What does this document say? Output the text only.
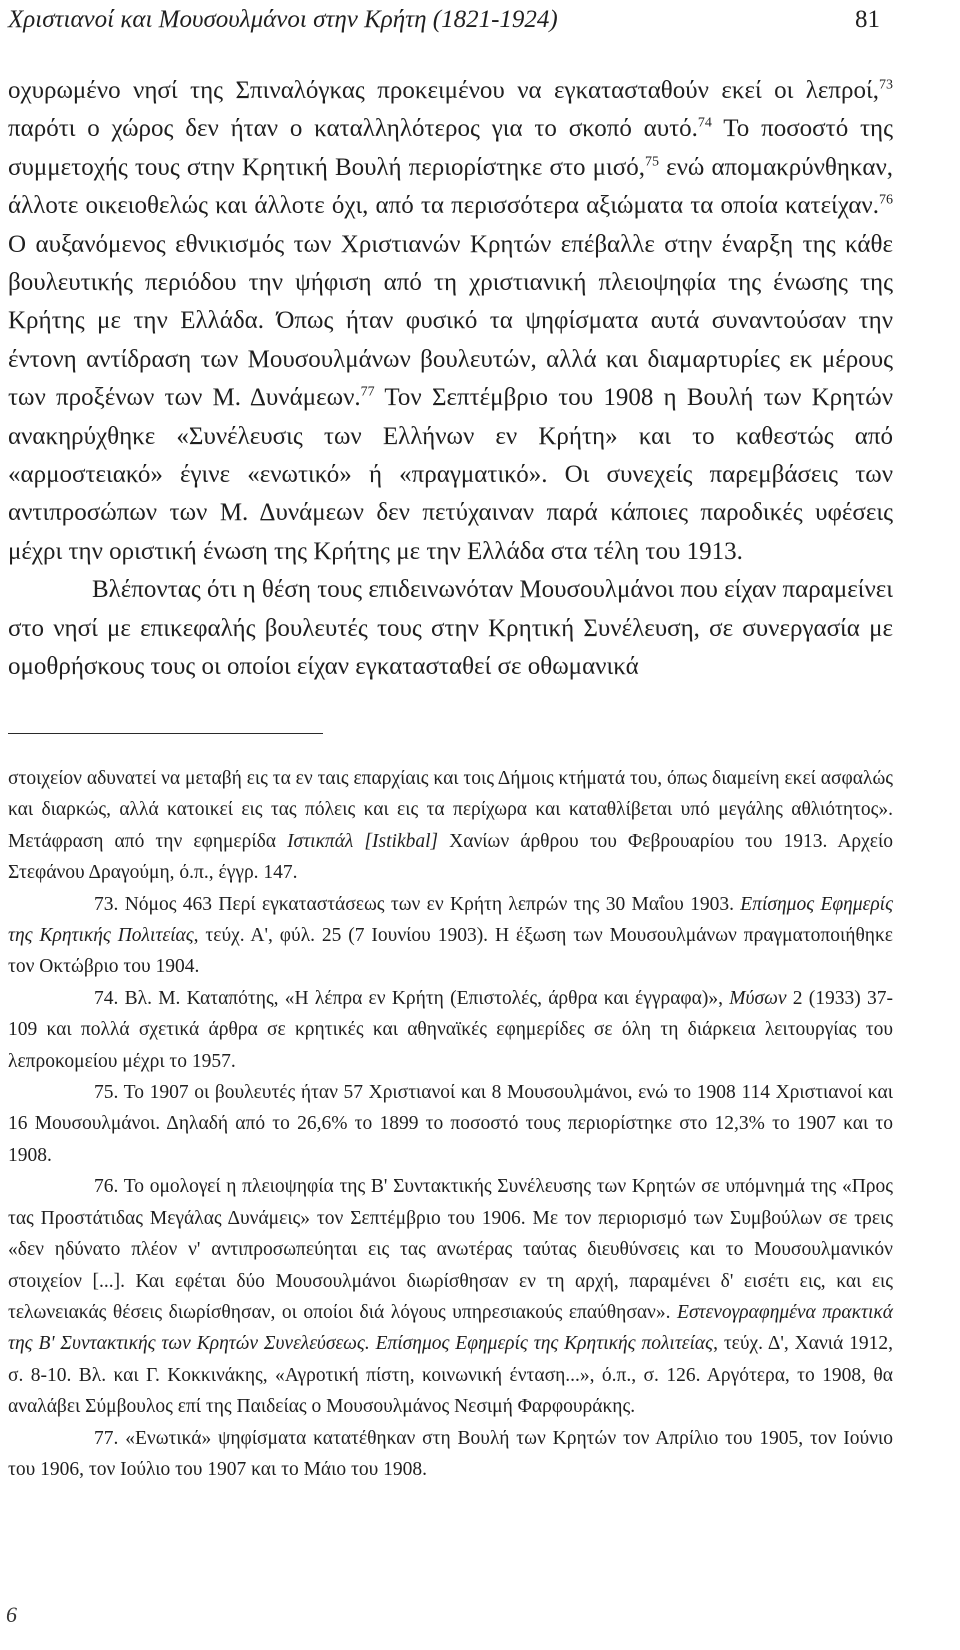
Χριστιανοί και Μουσουλμάνοι στην Κρήτη (1821-1924)	81

οχυρωμένο νησί της Σπιναλόγκας προκειμένου να εγκατασταθούν εκεί οι λεπροί,$^{73}$ παρότι ο χώρος δεν ήταν ο καταλληλότερος για το σκοπό αυτό.$^{74}$ Το ποσοστό της συμμετοχής τους στην Κρητική Βουλή περιορίστηκε στο μισό,$^{75}$ ενώ απομακρύνθηκαν, άλλοτε οικειοθελώς και άλλοτε όχι, από τα περισσότερα αξιώματα τα οποία κατείχαν.$^{76}$ Ο αυξανόμενος εθνικισμός των Χριστιανών Κρητών επέβαλλε στην έναρξη της κάθε βουλευτικής περιόδου την ψήφιση από τη χριστιανική πλειοψηφία της ένωσης της Κρήτης με την Ελλάδα. Όπως ήταν φυσικό τα ψηφίσματα αυτά συναντούσαν την έντονη αντίδραση των Μουσουλμάνων βουλευτών, αλλά και διαμαρτυρίες εκ μέρους των προξένων των Μ. Δυνάμεων.$^{77}$ Τον Σεπτέμβριο του 1908 η Βουλή των Κρητών ανακηρύχθηκε «Συνέλευσις των Ελλήνων εν Κρήτη» και το καθεστώς από «αρμοστειακό» έγινε «ενωτικό» ή «πραγματικό». Οι συνεχείς παρεμβάσεις των αντιπροσώπων των Μ. Δυνάμεων δεν πετύχαιναν παρά κάποιες παροδικές υφέσεις μέχρι την οριστική ένωση της Κρήτης με την Ελλάδα στα τέλη του 1913.

Βλέποντας ότι η θέση τους επιδεινωνόταν Μουσουλμάνοι που είχαν παραμείνει στο νησί με επικεφαλής βουλευτές τους στην Κρητική Συνέλευση, σε συνεργασία με ομοθρήσκους τους οι οποίοι είχαν εγκατασταθεί σε οθωμανικά

στοιχείον αδυνατεί να μεταβή εις τα εν ταις επαρχίαις και τοις Δήμοις κτήματά του, όπως διαμείνη εκεί ασφαλώς και διαρκώς, αλλά κατοικεί εις τας πόλεις και εις τα περίχωρα και καταθλίβεται υπό μεγάλης αθλιότητος». Μετάφραση από την εφημερίδα Ιστικπάλ [Istikbal] Χανίων άρθρου του Φεβρουαρίου του 1913. Αρχείο Στεφάνου Δραγούμη, ό.π., έγγρ. 147.

73. Νόμος 463 Περί εγκαταστάσεως των εν Κρήτη λεπρών της 30 Μαΐου 1903. Επίσημος Εφημερίς της Κρητικής Πολιτείας, τεύχ. Α', φύλ. 25 (7 Ιουνίου 1903). Η έξωση των Μουσουλμάνων πραγματοποιήθηκε τον Οκτώβριο του 1904.

74. Βλ. Μ. Καταπότης, «Η λέπρα εν Κρήτη (Επιστολές, άρθρα και έγγραφα)», Μύσων 2 (1933) 37-109 και πολλά σχετικά άρθρα σε κρητικές και αθηναϊκές εφημερίδες σε όλη τη διάρκεια λειτουργίας του λεπροκομείου μέχρι το 1957.

75. Το 1907 οι βουλευτές ήταν 57 Χριστιανοί και 8 Μουσουλμάνοι, ενώ το 1908 114 Χριστιανοί και 16 Μουσουλμάνοι. Δηλαδή από το 26,6% το 1899 το ποσοστό τους περιορίστηκε στο 12,3% το 1907 και το 1908.

76. Το ομολογεί η πλειοψηφία της Β' Συντακτικής Συνέλευσης των Κρητών σε υπόμνημά της «Προς τας Προστάτιδας Μεγάλας Δυνάμεις» τον Σεπτέμβριο του 1906. Με τον περιορισμό των Συμβούλων σε τρεις «δεν ηδύνατο πλέον ν' αντιπροσωπεύηται εις τας ανωτέρας ταύτας διευθύνσεις και το Μουσουλμανικόν στοιχείον [...]. Και εφέται δύο Μουσουλμάνοι διωρίσθησαν εν τη αρχή, παραμένει δ' εισέτι εις, και εις τελωνειακάς θέσεις διωρίσθησαν, οι οποίοι διά λόγους υπηρεσιακούς επαύθησαν». Εστενογραφημένα πρακτικά της Β' Συντακτικής των Κρητών Συνελεύσεως. Επίσημος Εφημερίς της Κρητικής πολιτείας, τεύχ. Δ', Χανιά 1912, σ. 8-10. Βλ. και Γ. Κοκκινάκης, «Αγροτική πίστη, κοινωνική ένταση...», ό.π., σ. 126. Αργότερα, το 1908, θα αναλάβει Σύμβουλος επί της Παιδείας ο Μουσουλμάνος Νεσιμή Φαρφουράκης.

77. «Ενωτικά» ψηφίσματα κατατέθηκαν στη Βουλή των Κρητών τον Απρίλιο του 1905, τον Ιούνιο του 1906, τον Ιούλιο του 1907 και το Μάιο του 1908.

6
